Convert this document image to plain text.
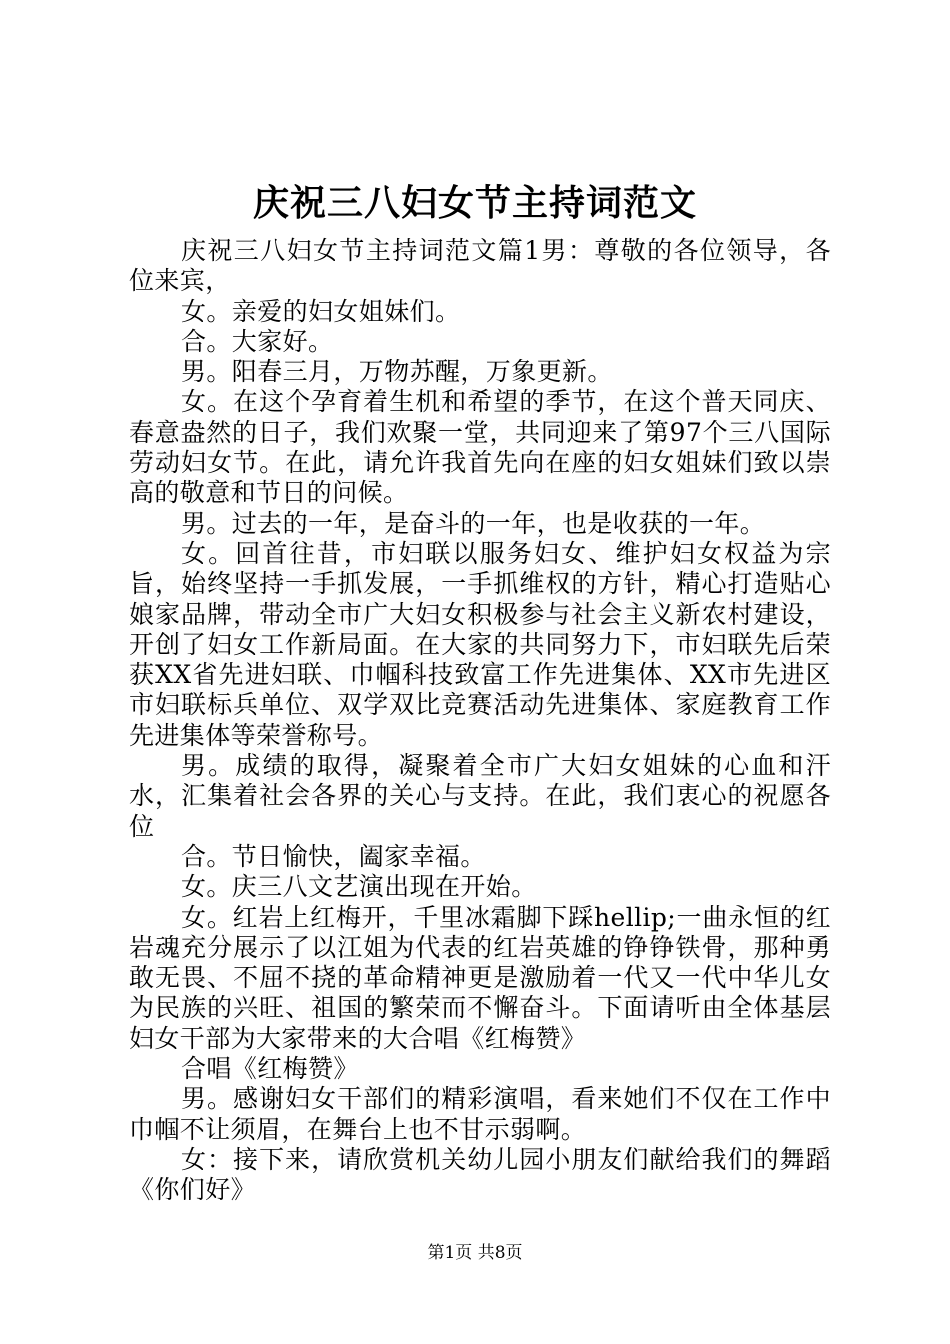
庆祝三八妇女节主持词范文

庆祝三八妇女节主持词范文篇1男：尊敬的各位领导，各位来宾，

女。亲爱的妇女姐妹们。

合。大家好。

男。阳春三月，万物苏醒，万象更新。

女。在这个孕育着生机和希望的季节，在这个普天同庆、春意盎然的日子，我们欢聚一堂，共同迎来了第97个三八国际劳动妇女节。在此，请允许我首先向在座的妇女姐妹们致以崇高的敬意和节日的问候。

男。过去的一年，是奋斗的一年，也是收获的一年。

女。回首往昔，市妇联以服务妇女、维护妇女权益为宗旨，始终坚持一手抓发展，一手抓维权的方针，精心打造贴心娘家品牌，带动全市广大妇女积极参与社会主义新农村建设，开创了妇女工作新局面。在大家的共同努力下，市妇联先后荣获XX省先进妇联、巾帼科技致富工作先进集体、XX市先进区市妇联标兵单位、双学双比竞赛活动先进集体、家庭教育工作先进集体等荣誉称号。

男。成绩的取得，凝聚着全市广大妇女姐妹的心血和汗水，汇集着社会各界的关心与支持。在此，我们衷心的祝愿各位

合。节日愉快，阖家幸福。

女。庆三八文艺演出现在开始。

女。红岩上红梅开，千里冰霜脚下踩hellip;一曲永恒的红岩魂充分展示了以江姐为代表的红岩英雄的铮铮铁骨，那种勇敢无畏、不屈不挠的革命精神更是激励着一代又一代中华儿女为民族的兴旺、祖国的繁荣而不懈奋斗。下面请听由全体基层妇女干部为大家带来的大合唱《红梅赞》

合唱《红梅赞》

男。感谢妇女干部们的精彩演唱，看来她们不仅在工作中巾帼不让须眉，在舞台上也不甘示弱啊。

女：接下来，请欣赏机关幼儿园小朋友们献给我们的舞蹈《你们好》

第1页 共8页
